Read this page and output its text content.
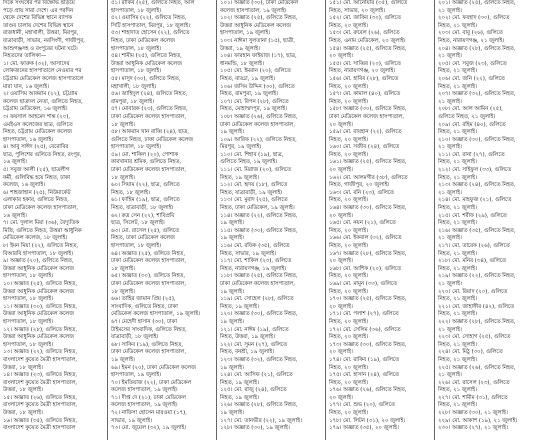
দিকে সংঘর্ষের পর বিক্ষোভ ছড়িয়ে

পড়ে প্রায় সারা দেশে। এর পরদিন

থেকে দেশের বিভিন্ন স্থানে ব্যাপক

তাণ্ডব চালায় দেশের বিভিন্ন স্থানে

রাজধানী, মহাখালী, উত্তরা, মিরপুর,

যাত্রাবাড়ী, সাভার, নরসিংদী, গাজীপুর,

আশুগঞ্জসহ ও রংপুরের ঘটনা ঘটে।

নিহতদের তালিকা—

১। মো. ফারুক (৩২), আসাদের

লোকজনের হাসপাতালে নেওয়ার পর

চট্টগ্রাম মেডিকেল কলেজ হাসপাতালে

মারা যান, ১৬ জুলাই।

২। ওয়াসিম আকরাম (২২), চট্টগ্রাম

কলেজ ছাত্রদল নেতা, গুলিতে নিহত,

চট্টগ্রাম মেডিকেল, ১৬ জুলাই।

৩। ফয়সাল আহমেদ শান্ত (২০),

এমইএস কলেজের ছাত্র, গুলিতে

নিহত, চট্টগ্রাম মেডিকেল কলেজ

হাসপাতাল, ১৬ জুলাই।

৪। আবু সাঈদ (২৫), বেরোবির

ছাত্র, পুলিশের গুলিতে নিহত, রংপুর,

১৬ জুলাই।

৫। সবুজ আলী (২৫), ছাত্রলীগ

কর্মী, গুলিবিদ্ধ হয়ে নিহত, ঢাকা

কলেজ, ১৬ জুলাই।

৬। শাহজাহান (২৫), নিউমার্কেট

এলাকার হকার, গুলিতে নিহত,

ঢাকা মেডিকেল কলেজ হাসপাতাল,

১৬ জুলাই।

৭। মো. দুলাল মিয়া (৩৬), বৈদ্যুতিক

মিস্ত্রি, গুলিতে নিহত, উত্তরা আধুনিক

মেডিকেল কলেজ, ১৮ জুলাই।

৮। ইমন মিয়া (২২), গুলিতে নিহত,

বিআরবি হাসপাতাল, ১৮ জুলাই।

৯। অজ্ঞাত (২০), গুলিতে নিহত,

উত্তরা আধুনিক মেডিকেল কলেজ

হাসপাতাল, ১৮ জুলাই।

১০। অজ্ঞাত (২৫), গুলিতে নিহত,

উত্তরা আধুনিক মেডিকেল কলেজ

হাসপাতাল, ১৮ জুলাই।

১১। অজ্ঞাত (৩০), গুলিতে নিহত,

উত্তরা আধুনিক মেডিকেল কলেজ

হাসপাতাল, ১৮ জুলাই।

১২। অজ্ঞাত (২৮), গুলিতে নিহত,

উত্তরা আধুনিক মেডিকেল কলেজ

হাসপাতাল, ১৮ জুলাই।

১৩। অজ্ঞাত (২২), গুলিতে নিহত,

বাংলাদেশ কুয়েত মৈত্রী হাসপাতাল,

উত্তরা, ১৮ জুলাই।

১৪। অজ্ঞাত (২৩), গুলিতে নিহত,

বাংলাদেশ কুয়েত মৈত্রী হাসপাতাল,

উত্তরা, ১৮ জুলাই।

১৫। অজ্ঞাত (২৬), গুলিতে নিহত,

বাংলাদেশ কুয়েত মৈত্রী হাসপাতাল,

উত্তরা, ১৮ জুলাই।

১৬। অজ্ঞাত (৩৫), গুলিতে নিহত,

বাংলাদেশ কুয়েত মৈত্রী হাসপাতাল

৫১। রাকিব (২৫), গুলিতে নিহত, আল

হাসপাতাল, ১৮ জুলাই।

৫২। ওয়াসিম (২২), গুলিতে নিহত,

সিটি হাসপাতাল, মিরপুর, ১৮ জুলাই।

৫৩। শাহাদাত হোসেন (২২), গুলিতে

নিহত, ঢাকা মেডিকেল কলেজ

হাসপাতাল, ১৮ জুলাই।

৫৪। শামীম (২৫), গুলিতে নিহত,

উত্তরা আধুনিক মেডিকেল কলেজ

হাসপাতাল, ১৮ জুলাই।

৫৫। মাসুদ (৩০), গুলিতে নিহত,

মহাখালী, ১৮ জুলাই।

৫৬। জাহিদুল (২৪), গুলিতে নিহত,

রামপুরা, ১৮ জুলাই।

৫৭। মোবারক (২৩), গুলিতে নিহত,

ঢাকা মেডিকেল কলেজ হাসপাতাল,

১৮ জুলাই।

৫৮। আকরাম খান রাব্বি (২৪), ছাত্র,

গুলিতে নিহত, ঢাকা মেডিকেল কলেজ

হাসপাতাল, ১৮ জুলাই।

৫৯। মো. শাকিল (২০), পোশাক

কারখানার শ্রমিক, গুলিতে নিহত,

ঢাকা মেডিকেল কলেজ হাসপাতাল,

১৮ জুলাই।

৬০। সিয়াম (২২), ছাত্র, গুলিতে

নিহত, ১৮ জুলাই।

৬১। ফাহিম (১৯), ছাত্র, গুলিতে

নিহত, যাত্রাবাড়ী, ১৮ জুলাই।

৬২। রুদ্র সেন (২২), শাবিপ্রবি

ছাত্র, সিলেট, ১৮ জুলাই।

৬৩। মো. রাসেল (২৫), গুলিতে

নিহত, ঢাকা মেডিকেল কলেজ

হাসপাতাল, ১৮ জুলাই।

৬৪। অজ্ঞাত (২৫), গুলিতে নিহত,

ঢাকা মেডিকেল কলেজ হাসপাতাল,

১৮ জুলাই।

৬৫। অজ্ঞাত (৩০), গুলিতে নিহত,

ঢাকা মেডিকেল কলেজ হাসপাতাল,

১৮ জুলাই।

৬৬। তাহির জামান প্রিয় (২৫),

সাংবাদিক, গুলিতে নিহত, ঢাকা

মেডিকেল কলেজ হাসপাতাল, ১৯ জুলাই।

৬৭। মেহেদী হাসান (৩০), ঢাকা

টাইমসের সাংবাদিক, গুলিতে নিহত,

যাত্রাবাড়ী, ১৮ জুলাই।

৬৮। সাকিব (১৯), গুলিতে নিহত,

ঢাকা মেডিকেল কলেজ হাসপাতাল,

১৯ জুলাই।

৬৯। ইমন (২০), ঢাকা মেডিকেল কলেজ

হাসপাতাল, ১৯ জুলাই।

৭০। ইমতিয়াজ (২২), ঢাকা মেডিকেল

কলেজ হাসপাতাল, ১৯ জুলাই।

৭১। দীপ্ত দে (২১), ঢাকা মেডিকেল

কলেজ হাসপাতাল, ১৯ জুলাই।

৭২। নাফিসা হোসেন মারওয়া (১৭),

সাভার, ১৯ জুলাই।

৭৩। মো. জুয়েল (৩২), ১৯ জুলাই।

১০১। অজ্ঞাত (৩০), ঢাকা মেডিকেল

কলেজ হাসপাতাল, ১৯ জুলাই।

১০২। অজ্ঞাত (২৫), গুলিতে নিহত,

উত্তরা আধুনিক মেডিকেল কলেজ

হাসপাতাল, ১৯ জুলাই।

১০৩। নাঈমা সুলতানা (১৫), ছাত্রী,

উত্তরা, ১৯ জুলাই।

১০৪। ফারহান ফাইয়াজ (১৭), ছাত্র,

ধানমন্ডি, ১৮ জুলাই।

১০৫। মো. ইমরান (২০), গুলিতে

নিহত, বাড্ডা, ১৯ জুলাই।

১০৬। জসিম উদ্দিন (৩০), গুলিতে

নিহত, রামপুরা, ১৯ জুলাই।

১০৭। মো. রিপন (২৮), গুলিতে

নিহত, মোহাম্মদপুর, ১৯ জুলাই।

১০৮। অজ্ঞাত (২৬), গুলিতে নিহত,

ঢাকা মেডিকেল কলেজ হাসপাতাল,

১৯ জুলাই।

১০৯। আরিফ (২২), গুলিতে নিহত,

মিরপুর, ১৯ জুলাই।

১১০। মো. শিহাব (১৯), ছাত্র,

গুলিতে নিহত, ১৯ জুলাই।

১১১। মো. মিরাজ (২০), গুলিতে

নিহত, ১৯ জুলাই।

১১২। মো. হৃদয় (১৮), গুলিতে

নিহত, যাত্রাবাড়ী, ১৯ জুলাই।

১১৩। মো. মুরাদ (২৫), গুলিতে

নিহত, ঢাকা মেডিকেল, ১৯ জুলাই।

১১৪। অজ্ঞাত (২২), গুলিতে নিহত,

১৯ জুলাই।

১১৫। অজ্ঞাত (৩০), গুলিতে নিহত,

১৯ জুলাই।

১১৬। মো. রফিক (৩৫), গুলিতে

নিহত, সাভার, ১৯ জুলাই।

১১৭। মো. শাকিল (২৩), গুলিতে

নিহত, নারায়ণগঞ্জ, ১৯ জুলাই।

১১৮। অজ্ঞাত (২৫), গুলিতে নিহত,

ঢাকা মেডিকেল কলেজ হাসপাতাল,

১৯ জুলাই।

১১৯। মো. সোহেল (২৮), গুলিতে

নিহত, ১৯ জুলাই।

১২০। অজ্ঞাত (৩০), গুলিতে নিহত,

১৯ জুলাই।

১২১। মো. নাঈম (১৯), গুলিতে

নিহত, উত্তরা, ১৯ জুলাই।

১২২। মো. সুমন (২৭), গুলিতে

নিহত, বনশ্রী, ১৯ জুলাই।

১২৩। অজ্ঞাত (৩২), গুলিতে নিহত,

১৯ জুলাই।

১২৪। মো. আসিফ (২১), গুলিতে

নিহত, ১৯ জুলাই।

১২৫। মো. রাজু (২৪), গুলিতে

নিহত, ১৯ জুলাই।

১২৬। অজ্ঞাত (২৮), গুলিতে নিহত,

১৯ জুলাই।

১২৭। মো. তানভীর (২২), ১৯ জুলাই।

১২৮। অজ্ঞাত (৩০), ১৯ জুলাই।

১৫১। মো. আনোয়ার (৩৫), গুলিতে

নিহত, সাভার, ২০ জুলাই।

১৫২। মো. জাকির (৩০), গুলিতে

নিহত, ২০ জুলাই।

১৫৩। মো. রুবেল (২৬), গুলিতে

নিহত, এনাম মেডিকেল, ২০ জুলাই।

১৫৪। অজ্ঞাত (২৫), গুলিতে নিহত,

২০ জুলাই।

১৫৫। মো. সাব্বির (২০), গুলিতে

নিহত, নারায়ণগঞ্জ, ২০ জুলাই।

১৫৬। মো. হাবিব (২৮), গুলিতে

নিহত, ২০ জুলাই।

১৫৭। মো. কামাল (৪০), গুলিতে

নিহত, ২০ জুলাই।

১৫৮। অজ্ঞাত (৩০), গুলিতে নিহত,

ঢাকা মেডিকেল কলেজ হাসপাতাল,

২০ জুলাই।

১৫৯। মো. রায়হান (২২), গুলিতে

নিহত, ২০ জুলাই।

১৬০। মো. সজীব (২৪), গুলিতে

নিহত, ২০ জুলাই।

১৬১। অজ্ঞাত (২৫), গুলিতে নিহত,

২০ জুলাই।

১৬২। মো. আলমগীর (৩৮), গুলিতে

নিহত, গাজীপুর, ২০ জুলাই।

১৬৩। মো. রনি (২৩), গুলিতে

নিহত, ২০ জুলাই।

১৬৪। অজ্ঞাত (৩০), গুলিতে নিহত,

২০ জুলাই।

১৬৫। মো. নয়ন (২১), গুলিতে

নিহত, ২০ জুলাই।

১৬৬। মো. ইকবাল (৩২), গুলিতে

নিহত, ২০ জুলাই।

১৬৭। অজ্ঞাত (২৮), গুলিতে নিহত,

২০ জুলাই।

১৬৮। মো. আশিক (২০), গুলিতে

নিহত, ২০ জুলাই।

১৬৯। মো. মামুন (৩৩), গুলিতে

নিহত, ২০ জুলাই।

১৭০। অজ্ঞাত (২৫), গুলিতে নিহত,

২০ জুলাই।

১৭১। মো. পলাশ (২৭), গুলিতে

নিহত, ২০ জুলাই।

১৭২। মো. সেলিম (৩৬), গুলিতে

নিহত, ২০ জুলাই।

১৭৩। অজ্ঞাত (৩০), গুলিতে নিহত,

২০ জুলাই।

১৭৪। মো. রাকিব (১৯), গুলিতে

নিহত, ২০ জুলাই।

১৭৫। মো. হাসান (২৪), গুলিতে

নিহত, ২০ জুলাই।

১৭৬। অজ্ঞাত (২৬), গুলিতে নিহত,

২০ জুলাই।

১৭৭। মো. শুভ (২০), গুলিতে

নিহত, ২০ জুলাই।

১৭৮। মো. লিটন (৩১), ২০ জুলাই।

১৭৯। অজ্ঞাত (৩৫), ২০ জুলাই।

২০১। অজ্ঞাত (২৫), গুলিতে নিহত,

২১ জুলাই।

২০২। মো. ফরহাদ (৩০), গুলিতে

নিহত, ২১ জুলাই।

২০৩। মো. বাবু (২৬), গুলিতে

নিহত, নারায়ণগঞ্জ, ২১ জুলাই।

২০৪। অজ্ঞাত (২৮), গুলিতে নিহত,

২১ জুলাই।

২০৫। মো. সবুজ (২৩), গুলিতে

নিহত, ২১ জুলাই।

২০৬। মো. জনি (২২), গুলিতে

নিহত, ২১ জুলাই।

২০৭। অজ্ঞাত (৩২), গুলিতে নিহত,

২১ জুলাই।

২০৮। মো. আল আমিন (২৫),

গুলিতে নিহত, ২১ জুলাই।

২০৯। মো. রহিম (৪০), গুলিতে

নিহত, ২১ জুলাই।

২১০। অজ্ঞাত (৩০), গুলিতে নিহত,

২১ জুলাই।

২১১। মো. রানা (২৭), গুলিতে

নিহত, ২১ জুলাই।

২১২। মো. সাইফুল (৩৩), গুলিতে

নিহত, ২১ জুলাই।

২১৩। অজ্ঞাত (২৪), গুলিতে নিহত,

২১ জুলাই।

২১৪। মো. মাহফুজ (২১), গুলিতে

নিহত, ২১ জুলাই।

২১৫। মো. শরীফ (২৯), গুলিতে

নিহত, ২১ জুলাই।

২১৬। অজ্ঞাত (৩৫), গুলিতে নিহত,

২১ জুলাই।

২১৭। মো. তারেক (২৬), গুলিতে

নিহত, ২১ জুলাই।

২১৮। মো. মনির (৩৪), গুলিতে

নিহত, ২১ জুলাই।

২১৯। অজ্ঞাত (২২), গুলিতে নিহত,

২১ জুলাই।

২২০। মো. রিয়াদ (২০), গুলিতে

নিহত, ২১ জুলাই।

২২১। মো. জাহাঙ্গীর (৪২), গুলিতে

নিহত, ২১ জুলাই।

২২২। অজ্ঞাত (২৮), গুলিতে নিহত,

২১ জুলাই।

২২৩। মো. সোহাগ (২৫), গুলিতে

নিহত, ২১ জুলাই।

২২৪। মো. মিঠু (৩০), গুলিতে

নিহত, ২১ জুলাই।

২২৫। অজ্ঞাত (২৬), গুলিতে নিহত,

২১ জুলাই।

২২৬। মো. রাসেল (২৩), গুলিতে

নিহত, ২১ জুলাই।

২২৭। মো. শামীম (৩১), গুলিতে

নিহত, ২১ জুলাই।

২২৮। অজ্ঞাত (৩০), ২১ জুলাই।

২২৯। মো. আকাশ (১৯), ২১ জুলাই।

২৩০। অজ্ঞাত (২৭), ২১ জুলাই।
